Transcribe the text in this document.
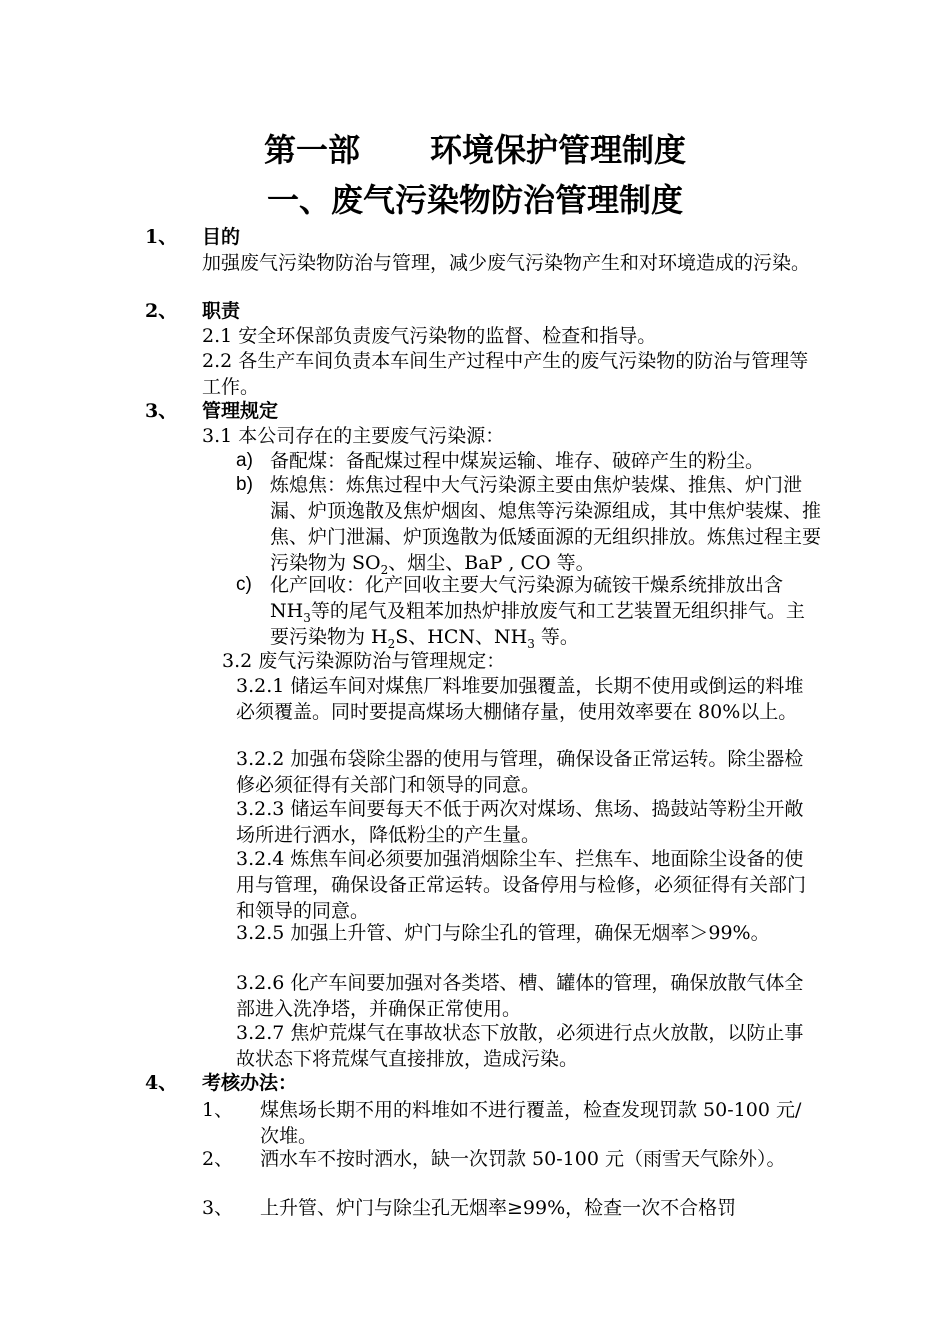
第一部 环境保护管理制度
一、废气污染物防治管理制度
1、 目的

加强废气污染物防治与管理，减少废气污染物产生和对环境造成的污染。

2、 职责

2.1 安全环保部负责废气污染物的监督、检查和指导。

2.2 各生产车间负责本车间生产过程中产生的废气污染物的防治与管理等工作。

3、 管理规定

3.1 本公司存在的主要废气污染源：

a) 备配煤：备配煤过程中煤炭运输、堆存、破碎产生的粉尘。

b) 炼熄焦：炼焦过程中大气污染源主要由焦炉装煤、推焦、炉门泄漏、炉顶逸散及焦炉烟囱、熄焦等污染源组成，其中焦炉装煤、推焦、炉门泄漏、炉顶逸散为低矮面源的无组织排放。炼焦过程主要污染物为 $SO_2$、烟尘、BaP , CO 等。

c) 化产回收：化产回收主要大气污染源为硫铵干燥系统排放出含 $NH_3$等的尾气及粗苯加热炉排放废气和工艺装置无组织排气。主要污染物为 $H_2S$、HCN、$NH_3$ 等。

3.2 废气污染源防治与管理规定：

3.2.1 储运车间对煤焦厂料堆要加强覆盖，长期不使用或倒运的料堆必须覆盖。同时要提高煤场大棚储存量，使用效率要在 80%以上。

3.2.2 加强布袋除尘器的使用与管理，确保设备正常运转。除尘器检修必须征得有关部门和领导的同意。

3.2.3 储运车间要每天不低于两次对煤场、焦场、捣鼓站等粉尘开敞场所进行洒水，降低粉尘的产生量。

3.2.4 炼焦车间必须要加强消烟除尘车、拦焦车、地面除尘设备的使用与管理，确保设备正常运转。设备停用与检修，必须征得有关部门和领导的同意。

3.2.5 加强上升管、炉门与除尘孔的管理，确保无烟率＞99%。

3.2.6 化产车间要加强对各类塔、槽、罐体的管理，确保放散气体全部进入洗净塔，并确保正常使用。

3.2.7 焦炉荒煤气在事故状态下放散，必须进行点火放散，以防止事故状态下将荒煤气直接排放，造成污染。

4、 考核办法：
1、 煤焦场长期不用的料堆如不进行覆盖，检查发现罚款 50-100 元/次堆。

2、 洒水车不按时洒水，缺一次罚款 50-100 元（雨雪天气除外）。

3、 上升管、炉门与除尘孔无烟率≥99%，检查一次不合格罚
